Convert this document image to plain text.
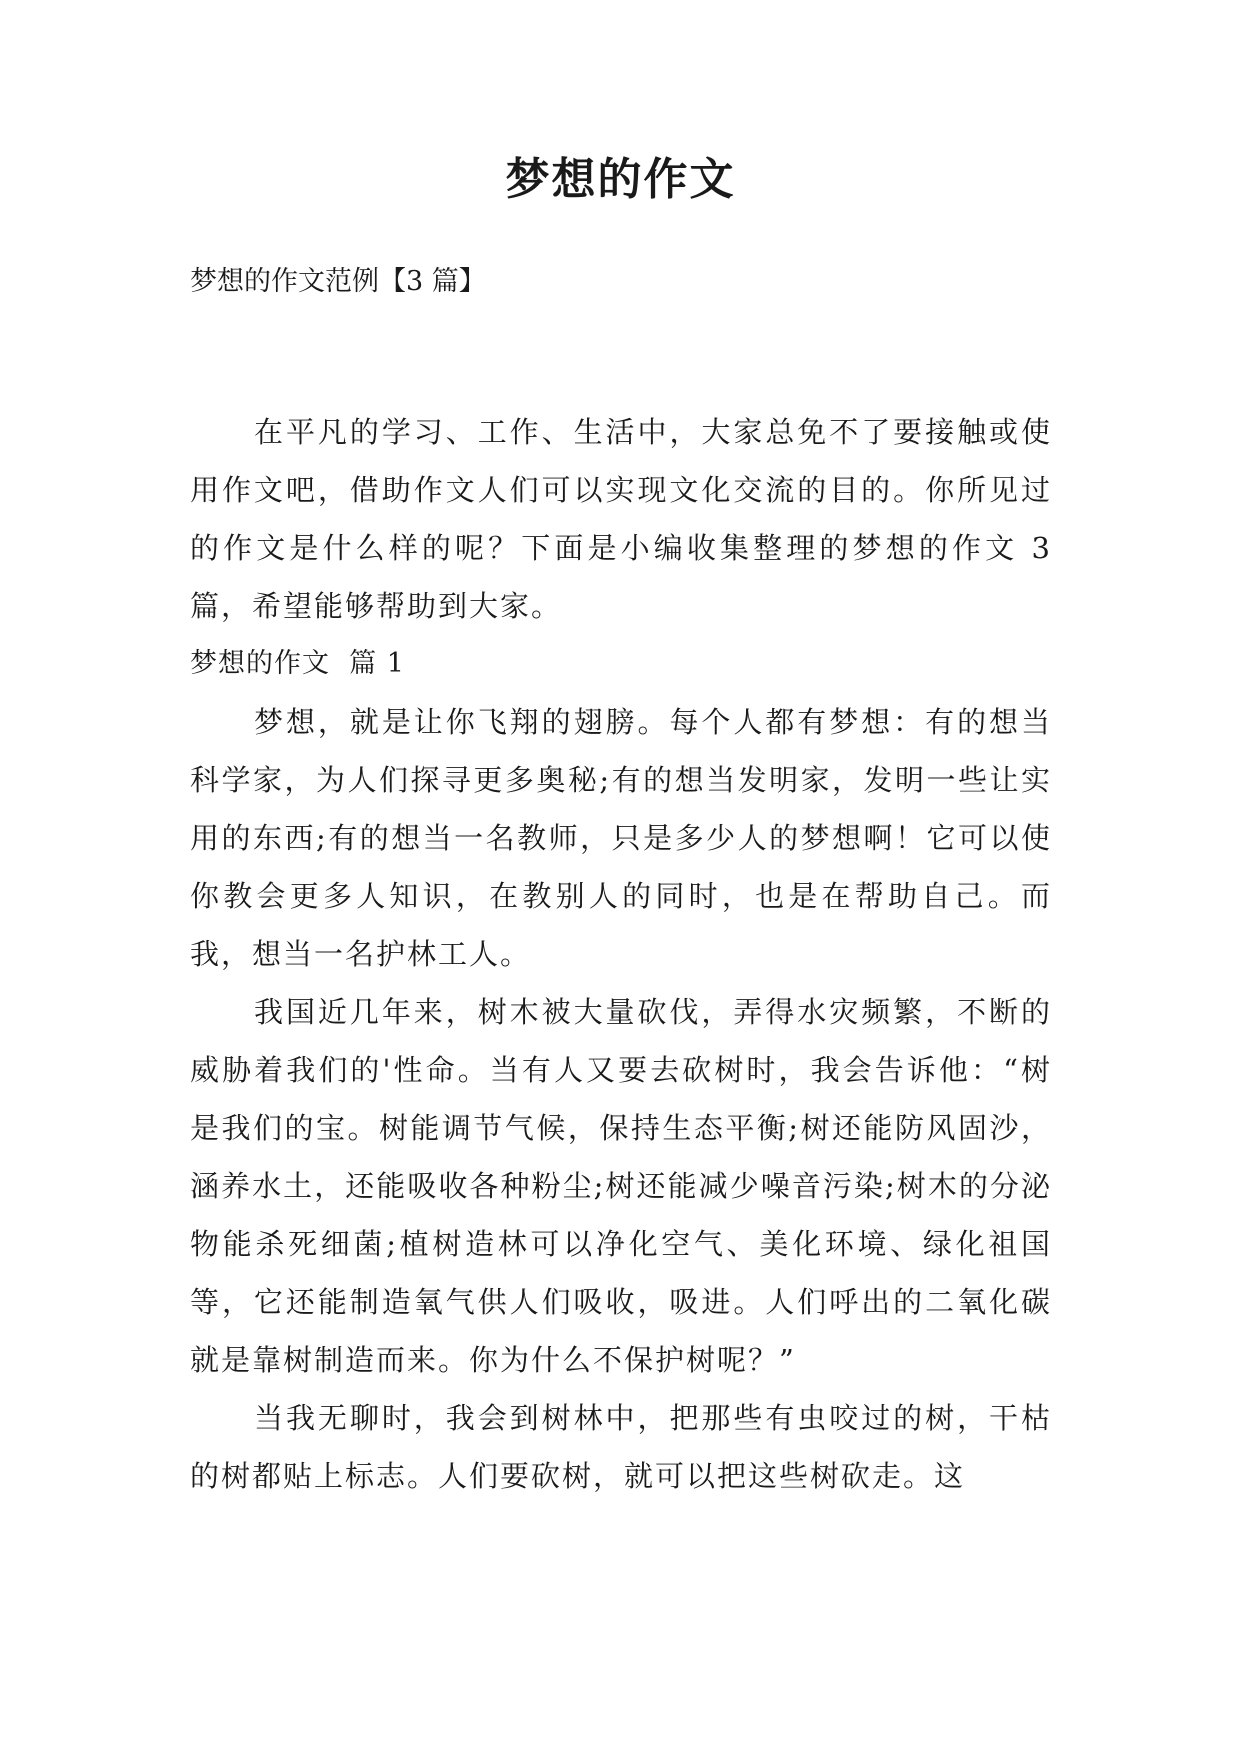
梦想的作文

梦想的作文范例【3 篇】

在平凡的学习、工作、生活中，大家总免不了要接触或使用作文吧，借助作文人们可以实现文化交流的目的。你所见过的作文是什么样的呢？下面是小编收集整理的梦想的作文 3 篇，希望能够帮助到大家。

梦想的作文  篇 1

梦想，就是让你飞翔的翅膀。每个人都有梦想：有的想当科学家，为人们探寻更多奥秘;有的想当发明家，发明一些让实用的东西;有的想当一名教师，只是多少人的梦想啊！它可以使你教会更多人知识，在教别人的同时，也是在帮助自己。而我，想当一名护林工人。

我国近几年来，树木被大量砍伐，弄得水灾频繁，不断的威胁着我们的'性命。当有人又要去砍树时，我会告诉他：“树是我们的宝。树能调节气候，保持生态平衡;树还能防风固沙，涵养水土，还能吸收各种粉尘;树还能减少噪音污染;树木的分泌物能杀死细菌;植树造林可以净化空气、美化环境、绿化祖国等，它还能制造氧气供人们吸收，吸进。人们呼出的二氧化碳就是靠树制造而来。你为什么不保护树呢？”

当我无聊时，我会到树林中，把那些有虫咬过的树，干枯的树都贴上标志。人们要砍树，就可以把这些树砍走。这
